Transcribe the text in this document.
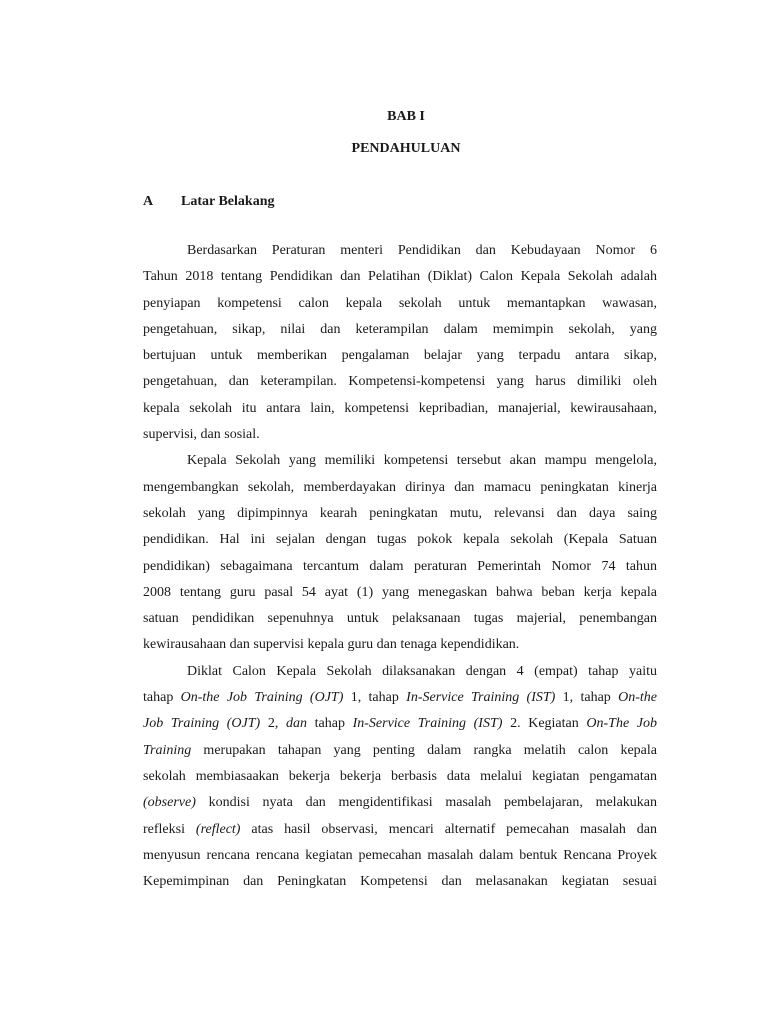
BAB I
PENDAHULUAN
A Latar Belakang
Berdasarkan Peraturan menteri Pendidikan dan Kebudayaan Nomor 6
Tahun 2018 tentang Pendidikan dan Pelatihan (Diklat) Calon Kepala Sekolah adalah
penyiapan kompetensi calon kepala sekolah untuk memantapkan wawasan,
pengetahuan, sikap, nilai dan keterampilan dalam memimpin sekolah, yang
bertujuan untuk memberikan pengalaman belajar yang terpadu antara sikap,
pengetahuan, dan keterampilan. Kompetensi-kompetensi yang harus dimiliki oleh
kepala sekolah itu antara lain, kompetensi kepribadian, manajerial, kewirausahaan,
supervisi, dan sosial.
Kepala Sekolah yang memiliki kompetensi tersebut akan mampu mengelola,
mengembangkan sekolah, memberdayakan dirinya dan mamacu peningkatan kinerja
sekolah yang dipimpinnya kearah peningkatan mutu, relevansi dan daya saing
pendidikan. Hal ini sejalan dengan tugas pokok kepala sekolah (Kepala Satuan
pendidikan) sebagaimana tercantum dalam peraturan Pemerintah Nomor 74 tahun
2008 tentang guru pasal 54 ayat (1) yang menegaskan bahwa beban kerja kepala
satuan pendidikan sepenuhnya untuk pelaksanaan tugas majerial, penembangan
kewirausahaan dan supervisi kepala guru dan tenaga kependidikan.
Diklat Calon Kepala Sekolah dilaksanakan dengan 4 (empat) tahap yaitu
tahap On-the Job Training (OJT) 1, tahap In-Service Training (IST) 1, tahap On-the
Job Training (OJT) 2, dan tahap In-Service Training (IST) 2. Kegiatan On-The Job
Training merupakan tahapan yang penting dalam rangka melatih calon kepala
sekolah membiasaakan bekerja bekerja berbasis data melalui kegiatan pengamatan
(observe) kondisi nyata dan mengidentifikasi masalah pembelajaran, melakukan
refleksi (reflect) atas hasil observasi, mencari alternatif pemecahan masalah dan
menyusun rencana rencana kegiatan pemecahan masalah dalam bentuk Rencana Proyek
Kepemimpinan dan Peningkatan Kompetensi dan melasanakan kegiatan sesuai
